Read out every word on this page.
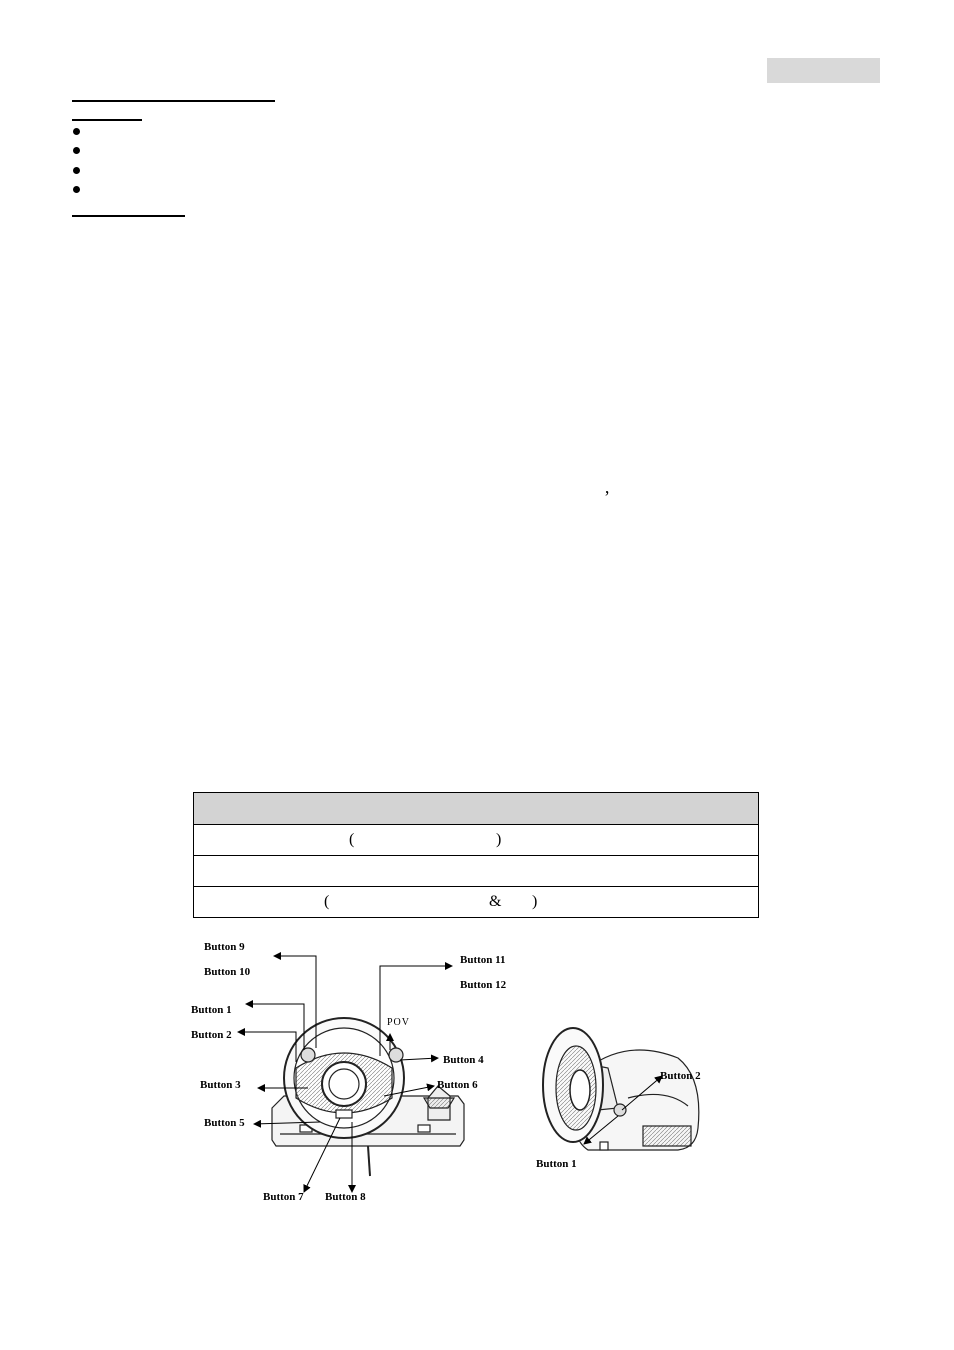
’

(	)

(	& )
Button 9
Button 10
Button 11
Button 12
Button 1
Button 2
POV
Button 4
Button 3	Button 6
Button 5
Button 7 Button 8
Button 2
Button 1
